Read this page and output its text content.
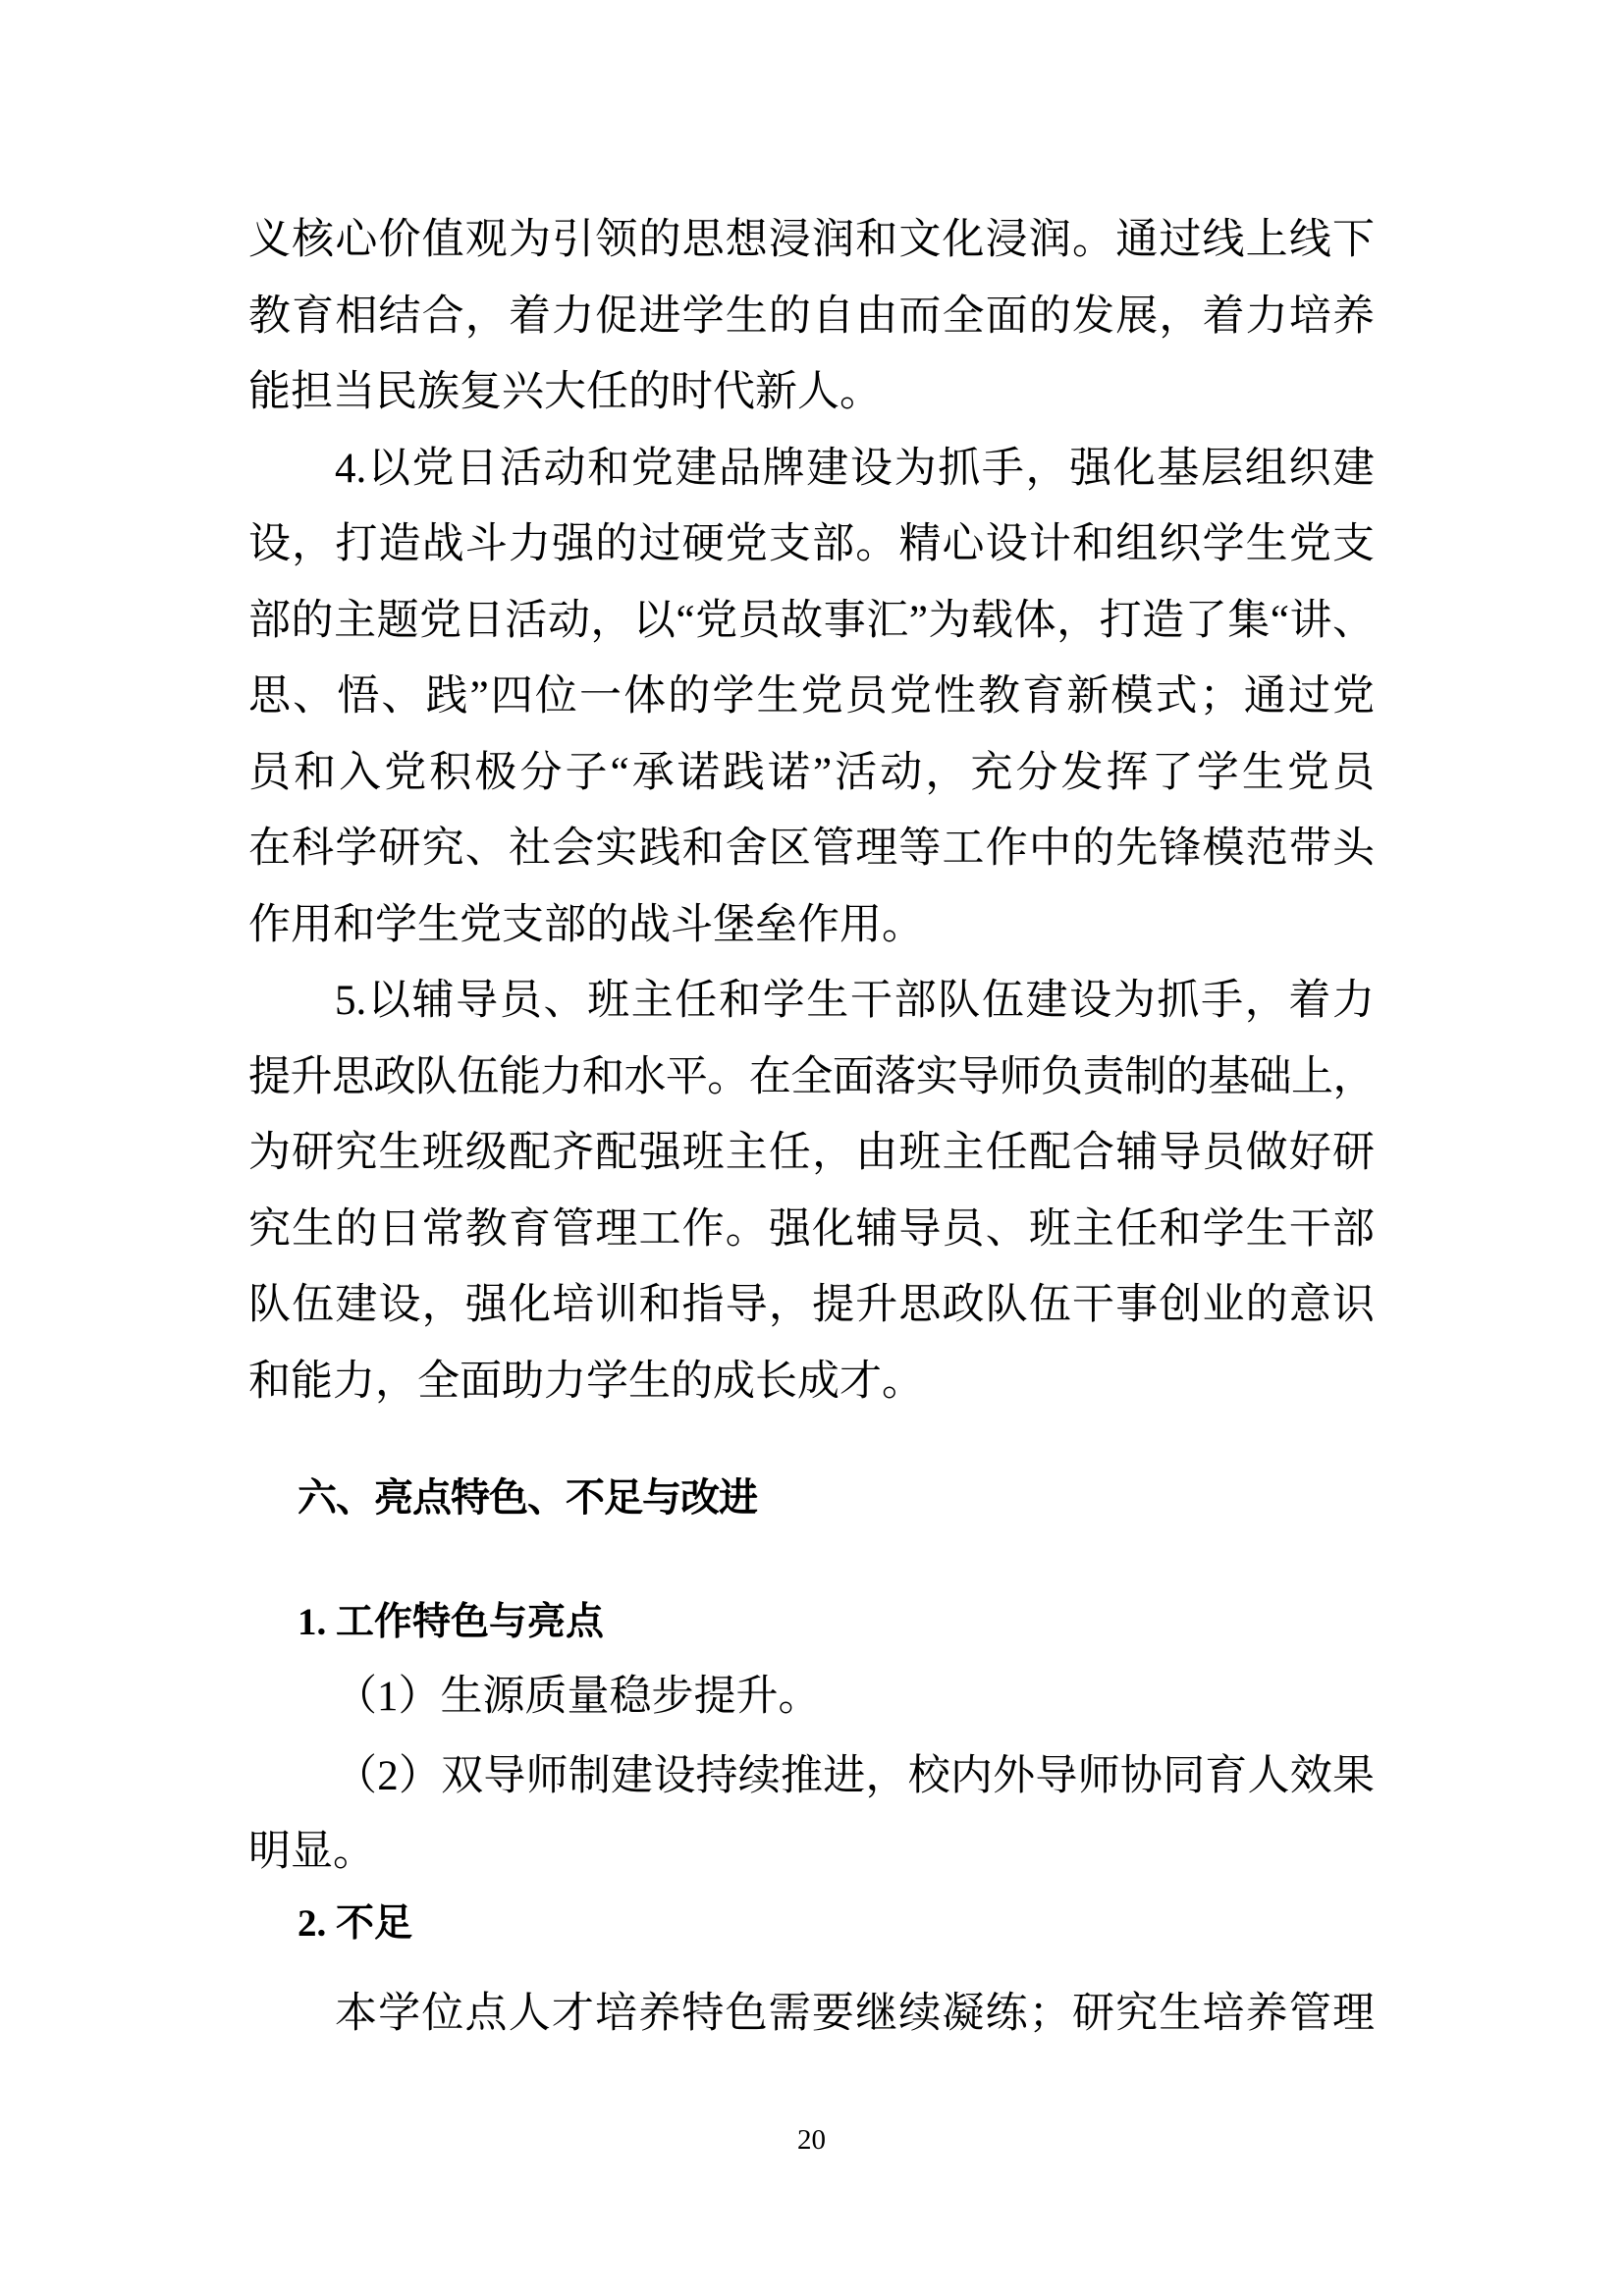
义核心价值观为引领的思想浸润和文化浸润。通过线上线下
教育相结合，着力促进学生的自由而全面的发展，着力培养
能担当民族复兴大任的时代新人。
4.以党日活动和党建品牌建设为抓手，强化基层组织建
设，打造战斗力强的过硬党支部。精心设计和组织学生党支
部的主题党日活动，以“党员故事汇”为载体，打造了集“讲、
思、悟、践”四位一体的学生党员党性教育新模式；通过党
员和入党积极分子“承诺践诺”活动，充分发挥了学生党员
在科学研究、社会实践和舍区管理等工作中的先锋模范带头
作用和学生党支部的战斗堡垒作用。
5.以辅导员、班主任和学生干部队伍建设为抓手，着力
提升思政队伍能力和水平。在全面落实导师负责制的基础上，
为研究生班级配齐配强班主任，由班主任配合辅导员做好研
究生的日常教育管理工作。强化辅导员、班主任和学生干部
队伍建设，强化培训和指导，提升思政队伍干事创业的意识
和能力，全面助力学生的成长成才。
六、亮点特色、不足与改进
1. 工作特色与亮点
（1）生源质量稳步提升。
（2）双导师制建设持续推进，校内外导师协同育人效果
明显。
2. 不足
本学位点人才培养特色需要继续凝练；研究生培养管理
20
